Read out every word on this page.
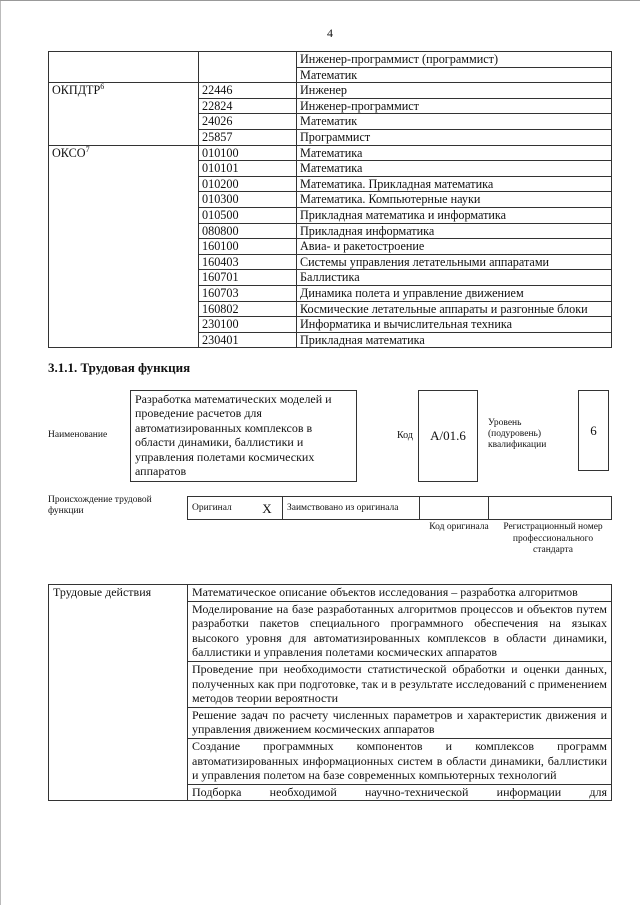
4
		Инженер-программист (программист)
		Математик
ОКПДТР$^6$	22446	Инженер
	22824	Инженер-программист
	24026	Математик
	25857	Программист
ОКСО$^7$	010100	Математика
	010101	Математика
	010200	Математика. Прикладная математика
	010300	Математика. Компьютерные науки
	010500	Прикладная математика и информатика
	080800	Прикладная информатика
	160100	Авиа- и ракетостроение
	160403	Системы управления летательными аппаратами
	160701	Баллистика
	160703	Динамика полета и управление движением
	160802	Космические летательные аппараты и разгонные блоки
	230100	Информатика и вычислительная техника
	230401	Прикладная математика
3.1.1. Трудовая функция
Наименование
Разработка математических моделей и проведение расчетов для автоматизированных комплексов в области динамики, баллистики и управления полетами космических аппаратов
Код A/01.6
Уровень (подуровень) квалификации
6
Происхождение трудовой функции	Оригинал	X	Заимствовано из оригинала		
Код оригинала	Регистрационный номер профессионального стандарта
Трудовые действия	Математическое описание объектов исследования – разработка алгоритмов
Моделирование на базе разработанных алгоритмов процессов и объектов путем разработки пакетов специального программного обеспечения на языках высокого уровня для автоматизированных комплексов в области динамики, баллистики и управления полетами космических аппаратов
Проведение при необходимости статистической обработки и оценки данных, полученных как при подготовке, так и в результате исследований с применением методов теории вероятности
Решение задач по расчету численных параметров и характеристик движения и управления движением космических аппаратов
Создание программных компонентов и комплексов программ автоматизированных информационных систем в области динамики, баллистики и управления полетом на базе современных компьютерных технологий
Подборка необходимой научно-технической информации для
